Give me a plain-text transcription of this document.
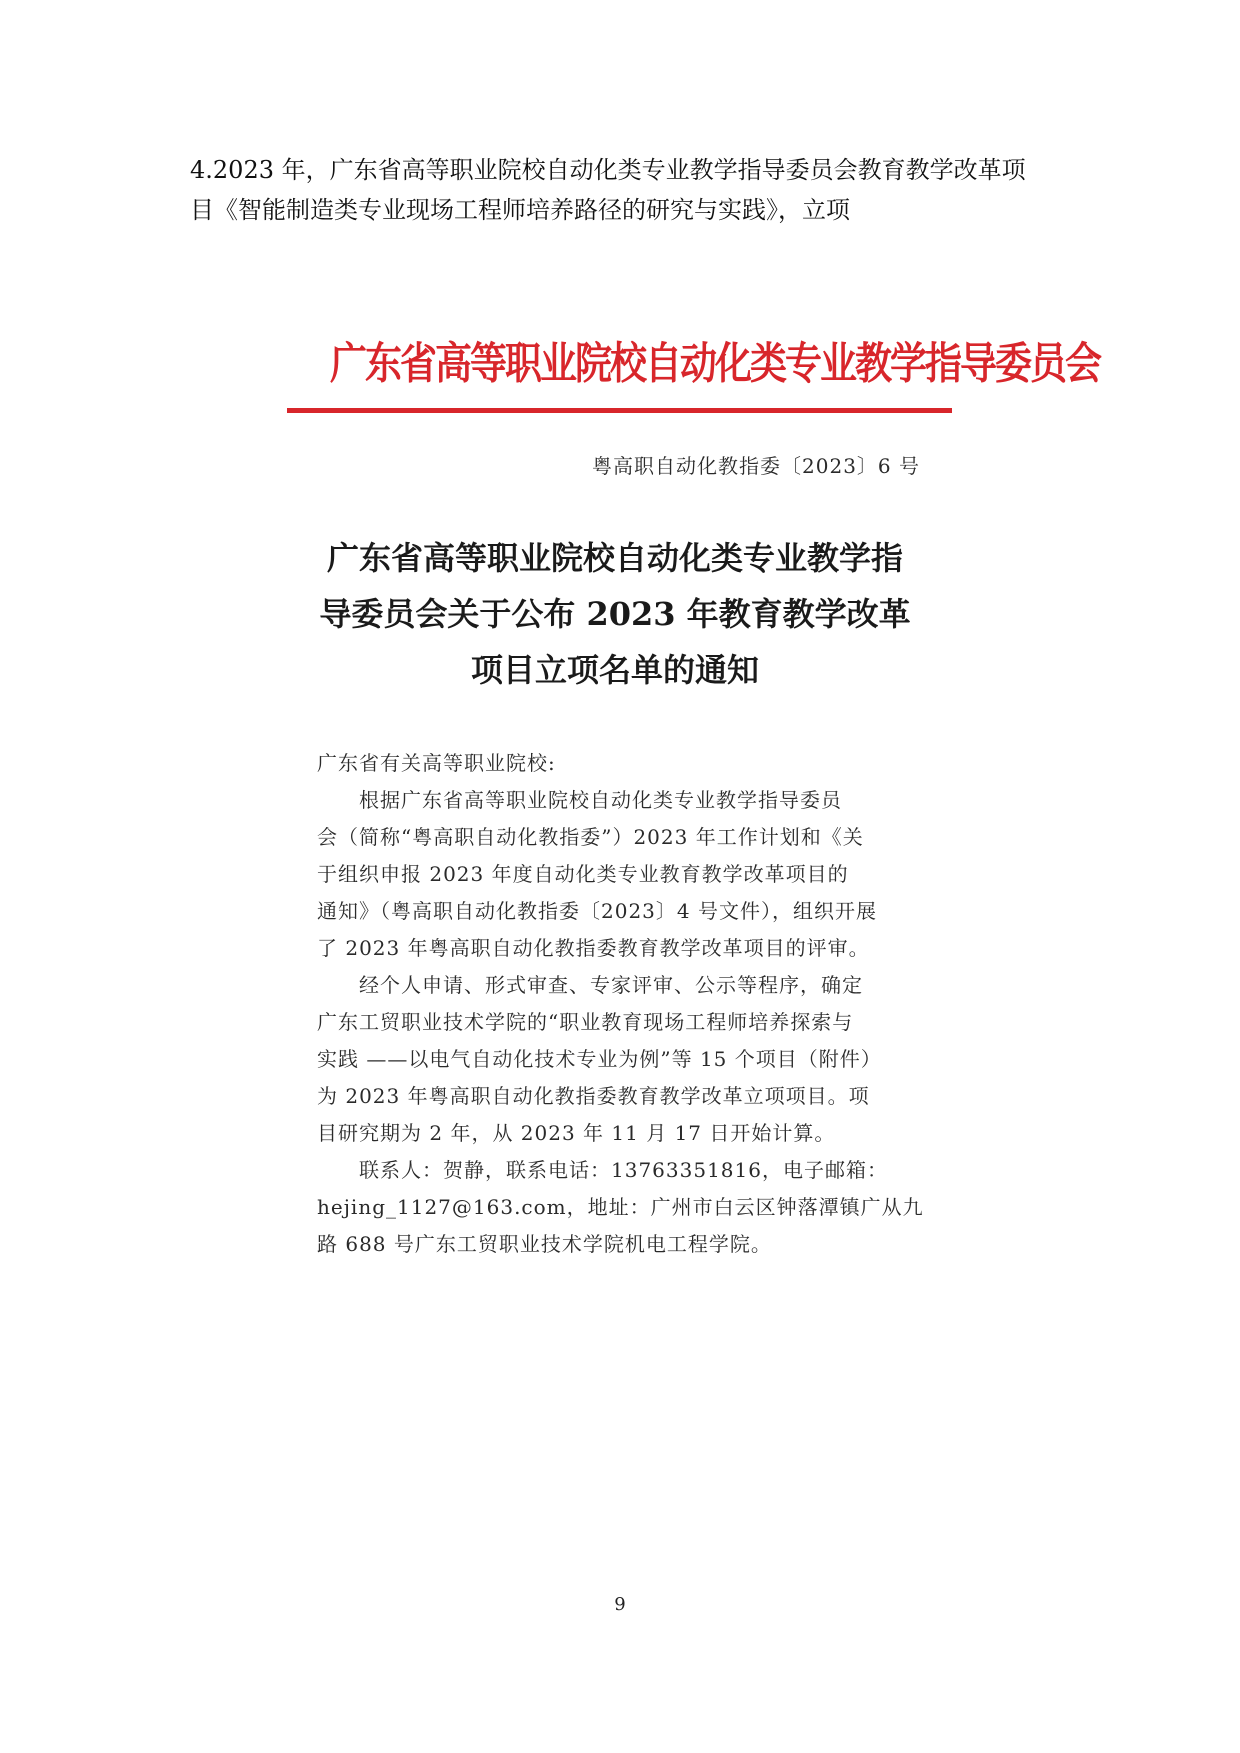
4.2023 年，广东省高等职业院校自动化类专业教学指导委员会教育教学改革项

目《智能制造类专业现场工程师培养路径的研究与实践》，立项

广东省高等职业院校自动化类专业教学指导委员会
粤高职自动化教指委〔2023〕6 号
广东省高等职业院校自动化类专业教学指
导委员会关于公布 2023 年教育教学改革
项目立项名单的通知
广东省有关高等职业院校:
根据广东省高等职业院校自动化类专业教学指导委员
会（简称“粤高职自动化教指委”）2023 年工作计划和《关
于组织申报 2023 年度自动化类专业教育教学改革项目的
通知》（粤高职自动化教指委〔2023〕4 号文件），组织开展
了 2023 年粤高职自动化教指委教育教学改革项目的评审。
经个人申请、形式审查、专家评审、公示等程序，确定
广东工贸职业技术学院的“职业教育现场工程师培养探索与
实践 ——以电气自动化技术专业为例”等 15 个项目（附件）
为 2023 年粤高职自动化教指委教育教学改革立项项目。项
目研究期为 2 年，从 2023 年 11 月 17 日开始计算。
联系人：贺静，联系电话：13763351816，电子邮箱：
hejing_1127@163.com，地址：广州市白云区钟落潭镇广从九
路 688 号广东工贸职业技术学院机电工程学院。
9
